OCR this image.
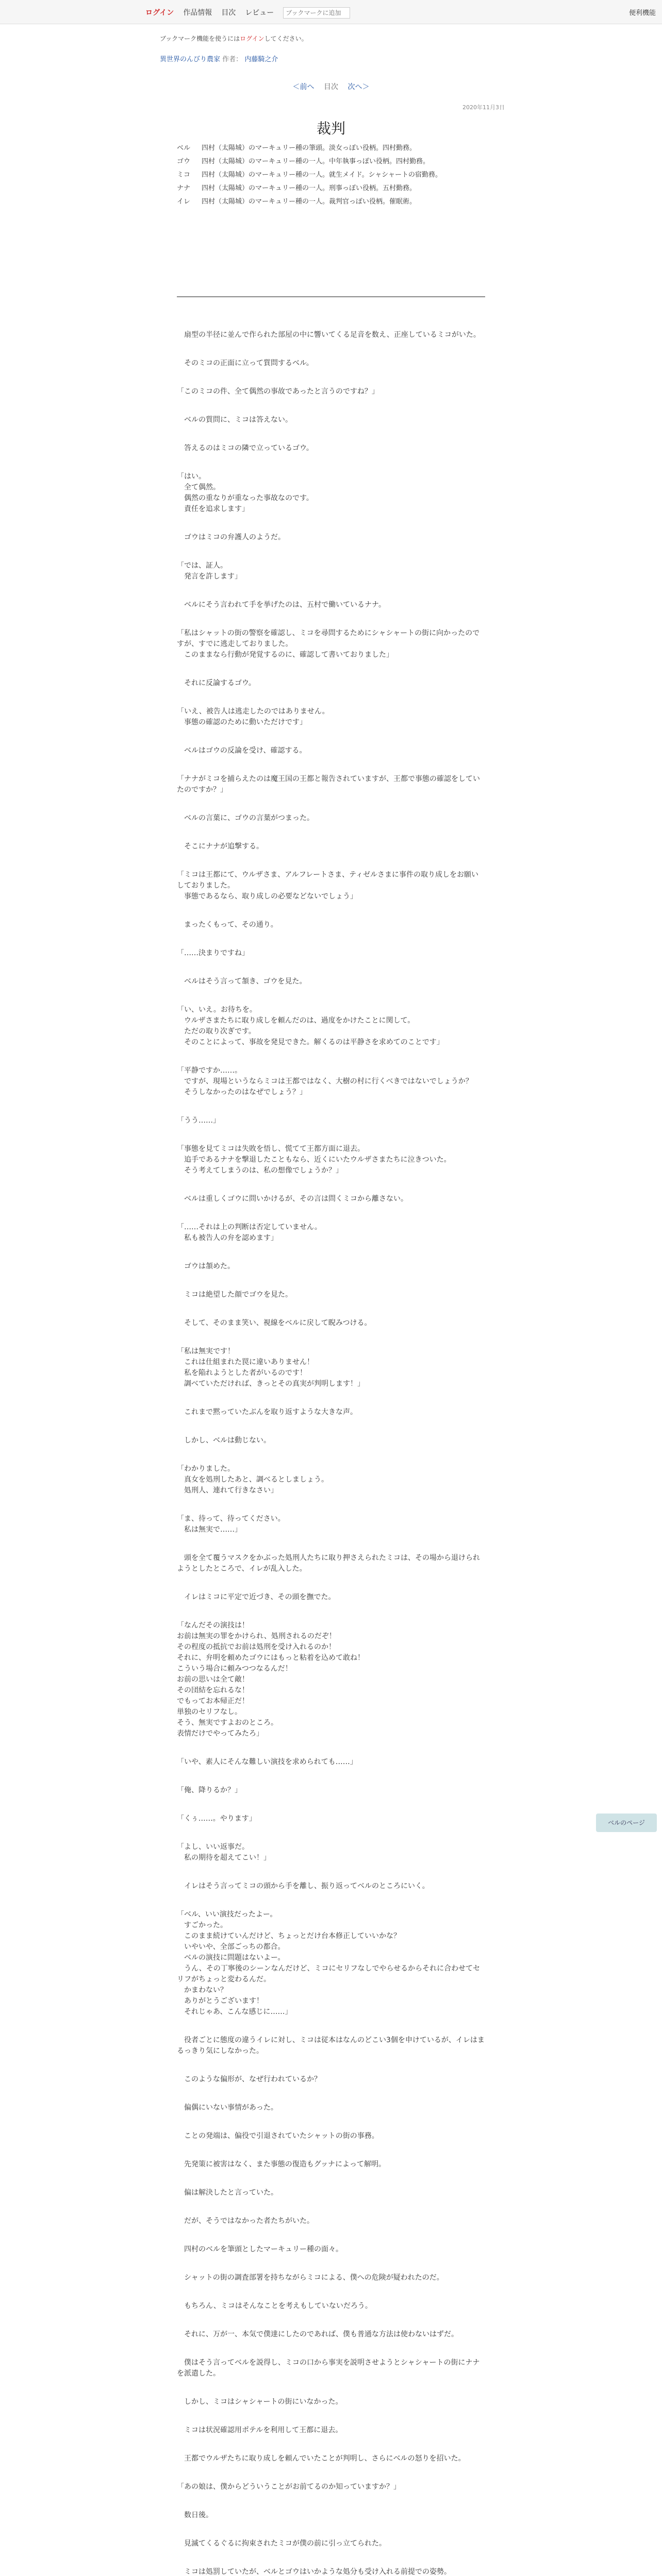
ログイン 作品情報 目次 レビュー
ブックマークに追加	便利機能
ブックマーク機能を使うにはログインしてください。
異世界のんびり農家 作者： 内藤騎之介
＜前へ 　 目次　 次へ＞
2020年11月3日
裁判
ベル	四村（太陽城）のマーキュリー種の筆頭。淡女っぽい役柄。四村勤務。
ゴウ	四村（太陽城）のマーキュリー種の一人。中年執事っぽい役柄。四村勤務。
ミコ	四村（太陽城）のマーキュリー種の一人。就生メイド。シャシャートの宿勤務。
ナナ	四村（太陽城）のマーキュリー種の一人。刑事っぽい役柄。五村勤務。
イレ	四村（太陽城）のマーキュリー種の一人。裁判官っぽい役柄。催眠術。

　扇型の半径に並んで作られた部屋の中に響いてくる足音を数え、正座しているミコがいた。

　そのミコの正面に立って質問するベル。

「このミコの件、全て偶然の事故であったと言うのですね？」

　ベルの質問に、ミコは答えない。

　答えるのはミコの隣で立っているゴウ。

「はい。
　全て偶然。
　偶然の重なりが重なった事故なのです。
　責任を追求します」

　ゴウはミコの弁護人のようだ。

「では、証人。
　発言を許します」

　ベルにそう言われて手を挙げたのは、五村で働いているナナ。

「私はシャットの街の警察を確認し、ミコを尋問するためにシャシャートの街に向かったのですが、すでに逃走しておりました。
　このままなら行動が発覚するのに、確認して書いておりました」

　それに反論するゴウ。

「いえ、被告人は逃走したのではありません。
　事態の確認のために動いただけです」

　ベルはゴウの反論を受け、確認する。

「ナナがミコを捕らえたのは魔王国の王都と報告されていますが、王都で事態の確認をしていたのですか？」

　ベルの言葉に、ゴウの言葉がつまった。

　そこにナナが追撃する。

「ミコは王都にて、ウルザさま、アルフレートさま、ティゼルさまに事件の取り成しをお願いしておりました。
　事態であるなら、取り成しの必要などないでしょう」

　まったくもって、その通り。

「……決まりですね」

　ベルはそう言って頷き、ゴウを見た。

「い、いえ。お待ちを。
　ウルザさまたちに取り成しを頼んだのは、過度をかけたことに関して。
　ただの取り次ぎです。
　そのことによって、事故を発見できた。解くるのは平静さを求めてのことです」

「平静ですか……。
　ですが、現場というならミコは王都ではなく、大樹の村に行くべきではないでしょうか？
　そうしなかったのはなぜでしょう？」

「うう……」

「事態を見てミコは失敗を悟し、慌てて王都方面に退去。
　追手であるナナを撃退したこともなら、近くにいたウルザさまたちに泣きついた。
　そう考えてしまうのは、私の想像でしょうか？」

　ベルは重しくゴウに問いかけるが、その言は問くミコから離さない。

「……それは上の判断は否定していません。
　私も被告人の弁を認めます」

　ゴウは頷めた。

　ミコは絶望した顔でゴウを見た。

　そして、そのまま笑い、視線をベルに戻して睨みつける。

「私は無実です！
　これは仕組まれた罠に違いありません！
　私を陥れようとした者がいるのです！
　調べていただければ、きっとその真実が判明します！」

　これまで黙っていたぶんを取り返すような大きな声。

　しかし、ベルは動じない。

「わかりました。
　真女を処刑したあと、調べるとしましょう。
　処刑人、連れて行きなさい」

「ま、待って、待ってください。
　私は無実で……」

　頭を全て覆うマスクをかぶった処刑人たちに取り押さえられたミコは、その場から退けられようとしたところで、イレが乱入した。

　イレはミコに平定で近づき、その頭を撫でた。

「なんだその演技は！
お前は無実の罪をかけられ、処刑されるのだぞ！
その程度の抵抗でお前は処刑を受け入れるのか！
それに、弁明を頼めたゴウにはもっと粘着を込めて敢ね！
こういう場合に頼みつつなるんだ！
お前の思いは全て敵！
その団結を忘れるな！
でもってお本帰正だ！
単独のセリフなし。
そう、無実ですよおのところ。
表情だけでやってみたろ」

「いや、素人にそんな難しい演技を求められても……」

「俺、降りるか？」

「くぅ……。やります」

「よし、いい返事だ。
　私の期待を超えてこい！」

　イレはそう言ってミコの頭から手を離し、振り返ってベルのところにいく。

「ベル、いい演技だったよー。
　すごかった。
　このまま続けていんだけど、ちょっとだけ台本修正していいかな？
　いやいや、全部ごっちの都合。
　ベルの演技に問題はないよー。
　うん、その丁寧後のシーンなんだけど、ミコにセリフなしでやらせるからそれに合わせてセリフがちょっと変わるんだ。
　かまわない？
　ありがとうございます！
　それじゃあ、こんな感じに……」

　役者ごとに態度の違うイレに対し、ミコは従本はなんのどこい3個を申けているが、イレはまるっきり気にしなかった。

　このような偏形が、なぜ行われているか？

　偏偶にいない事情があった。

　ことの発端は、偏役で引退されていたシャットの街の事務。

　先発策に被害はなく、また事態の復造もグッナによって解明。

　偏は解決したと言っていた。

　だが、そうではなかった者たちがいた。

　四村のベルを筆頭としたマーキュリー種の面々。

　シャットの街の調査部署を持ちながらミコによる、僕への危険が疑われたのだ。

　もちろん、ミコはそんなことを考えもしていないだろう。

　それに、万が一、本気で僕達にしたのであれば、僕も普通な方法は使わないはずだ。

　僕はそう言ってベルを説得し、ミコの口から事実を説明させようとシャシャートの街にナナを派遣した。

　しかし、ミコはシャシャートの街にいなかった。

　ミコは状況確認用ポテルを利用して王都に退去。

　王都でウルザたちに取り成しを頼んでいたことが判明し、さらにベルの怒りを招いた。

「あの娘は、僕からどういうことがお前てるのか知っていますか？」

　数日後。

　見滅てくるぐるに拘束されたミコが僕の前に引っ立てられた。

　ミコは処罰していたが、ベルとゴウはいかような処分も受け入れる前提での姿勢。

ベルのページ
